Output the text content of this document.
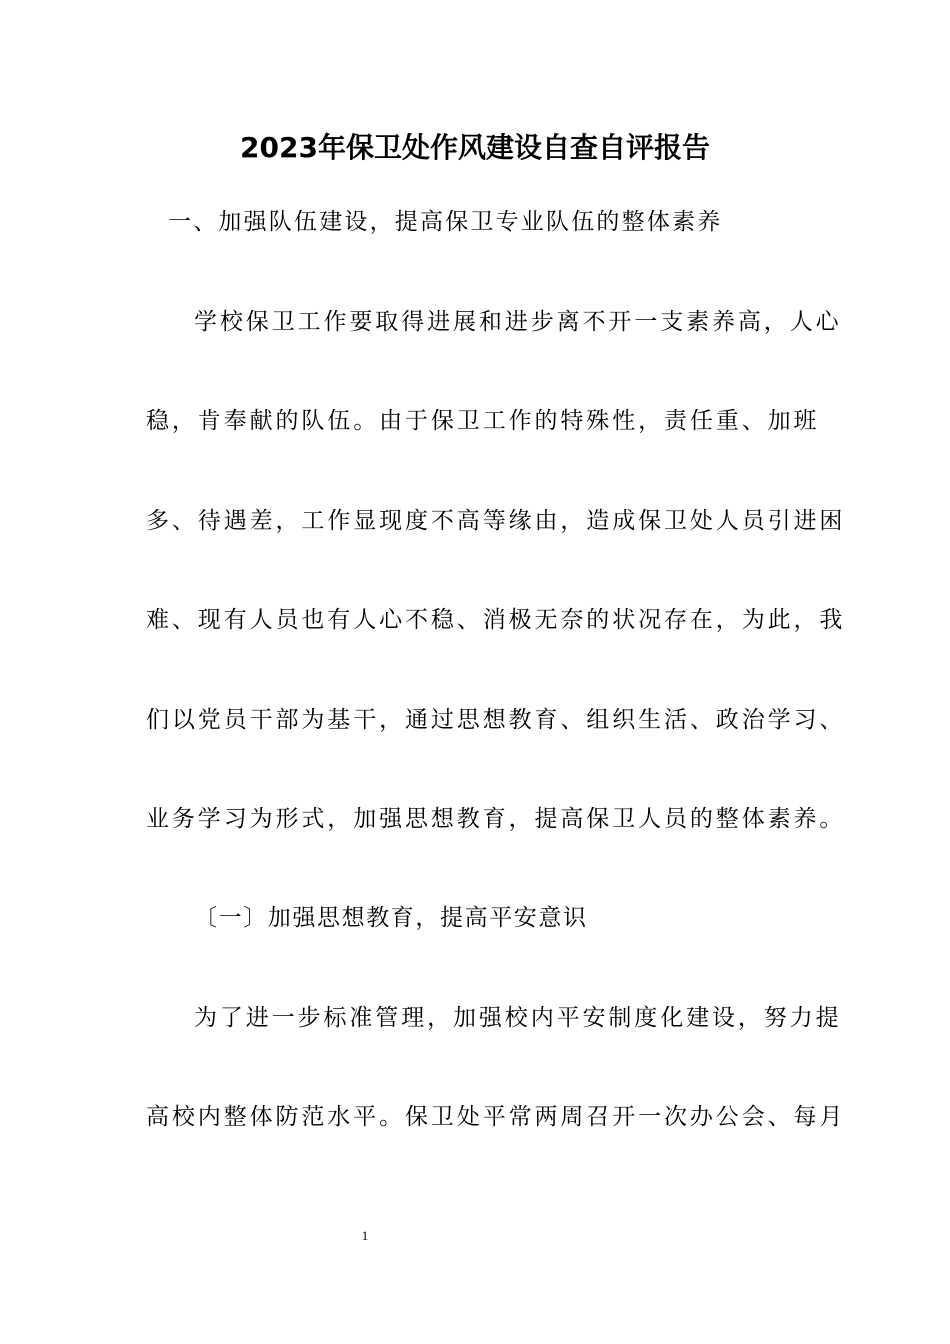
2023年保卫处作风建设自查自评报告
一、加强队伍建设，提高保卫专业队伍的整体素养
学校保卫工作要取得进展和进步离不开一支素养高，人心
稳，肯奉献的队伍。由于保卫工作的特殊性，责任重、加班
多、待遇差，工作显现度不高等缘由，造成保卫处人员引进困
难、现有人员也有人心不稳、消极无奈的状况存在，为此，我
们以党员干部为基干，通过思想教育、组织生活、政治学习、
业务学习为形式，加强思想教育，提高保卫人员的整体素养。
〔一〕加强思想教育，提高平安意识
为了进一步标准管理，加强校内平安制度化建设，努力提
高校内整体防范水平。保卫处平常两周召开一次办公会、每月
1
